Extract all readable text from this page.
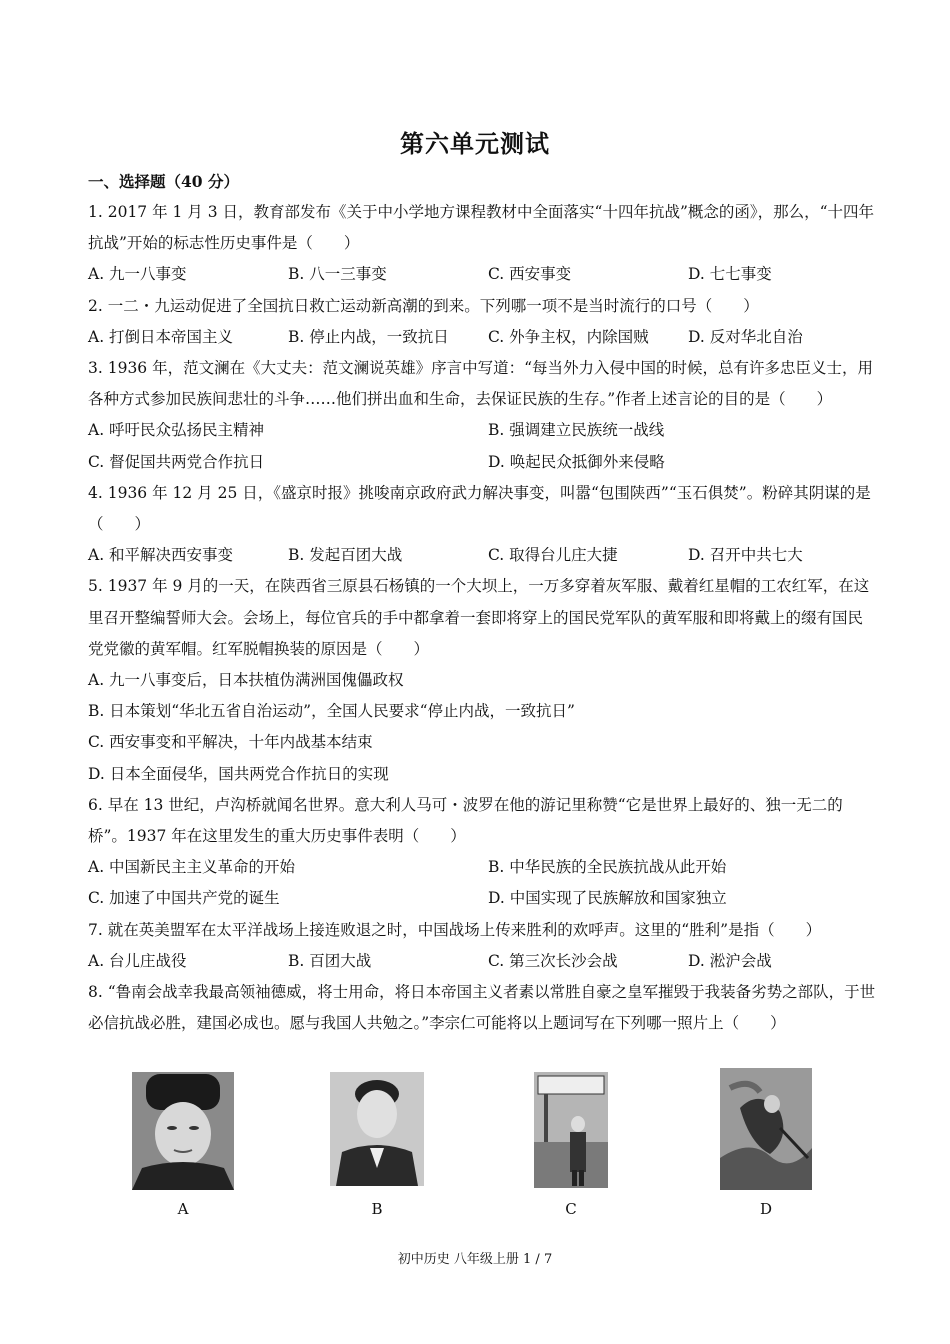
第六单元测试
一、选择题（40 分）

1. 2017 年 1 月 3 日，教育部发布《关于中小学地方课程教材中全面落实“十四年抗战”概念的函》，那么，“十四年抗战”开始的标志性历史事件是（　　）

A. 九一八事变	B. 八一三事变	C. 西安事变	D. 七七事变

2. 一二・九运动促进了全国抗日救亡运动新高潮的到来。下列哪一项不是当时流行的口号（　　）

A. 打倒日本帝国主义	B. 停止内战，一致抗日	C. 外争主权，内除国贼	D. 反对华北自治

3. 1936 年，范文澜在《大丈夫：范文澜说英雄》序言中写道：“每当外力入侵中国的时候，总有许多忠臣义士，用各种方式参加民族间悲壮的斗争……他们拼出血和生命，去保证民族的生存。”作者上述言论的目的是（　　）

A. 呼吁民众弘扬民主精神	B. 强调建立民族统一战线
C. 督促国共两党合作抗日	D. 唤起民众抵御外来侵略

4. 1936 年 12 月 25 日，《盛京时报》挑唆南京政府武力解决事变，叫嚣“包围陕西”“玉石俱焚”。粉碎其阴谋的是（　　）

A. 和平解决西安事变	B. 发起百团大战	C. 取得台儿庄大捷	D. 召开中共七大

5. 1937 年 9 月的一天，在陕西省三原县石杨镇的一个大坝上，一万多穿着灰军服、戴着红星帽的工农红军，在这里召开整编誓师大会。会场上，每位官兵的手中都拿着一套即将穿上的国民党军队的黄军服和即将戴上的缀有国民党党徽的黄军帽。红军脱帽换装的原因是（　　）

A. 九一八事变后，日本扶植伪满洲国傀儡政权
B. 日本策划“华北五省自治运动”，全国人民要求“停止内战，一致抗日”
C. 西安事变和平解决，十年内战基本结束
D. 日本全面侵华，国共两党合作抗日的实现

6. 早在 13 世纪，卢沟桥就闻名世界。意大利人马可・波罗在他的游记里称赞“它是世界上最好的、独一无二的桥”。1937 年在这里发生的重大历史事件表明（　　）

A. 中国新民主主义革命的开始	B. 中华民族的全民族抗战从此开始
C. 加速了中国共产党的诞生	D. 中国实现了民族解放和国家独立

7. 就在英美盟军在太平洋战场上接连败退之时，中国战场上传来胜利的欢呼声。这里的“胜利”是指（　　）

A. 台儿庄战役	B. 百团大战	C. 第三次长沙会战	D. 淞沪会战

8. “鲁南会战幸我最高领袖德威，将士用命，将日本帝国主义者素以常胜自豪之皇军摧毁于我装备劣势之部队，于世必信抗战必胜，建国必成也。愿与我国人共勉之。”李宗仁可能将以上题词写在下列哪一照片上（　　）

A	B	C	D
初中历史 八年级上册 1 / 7
